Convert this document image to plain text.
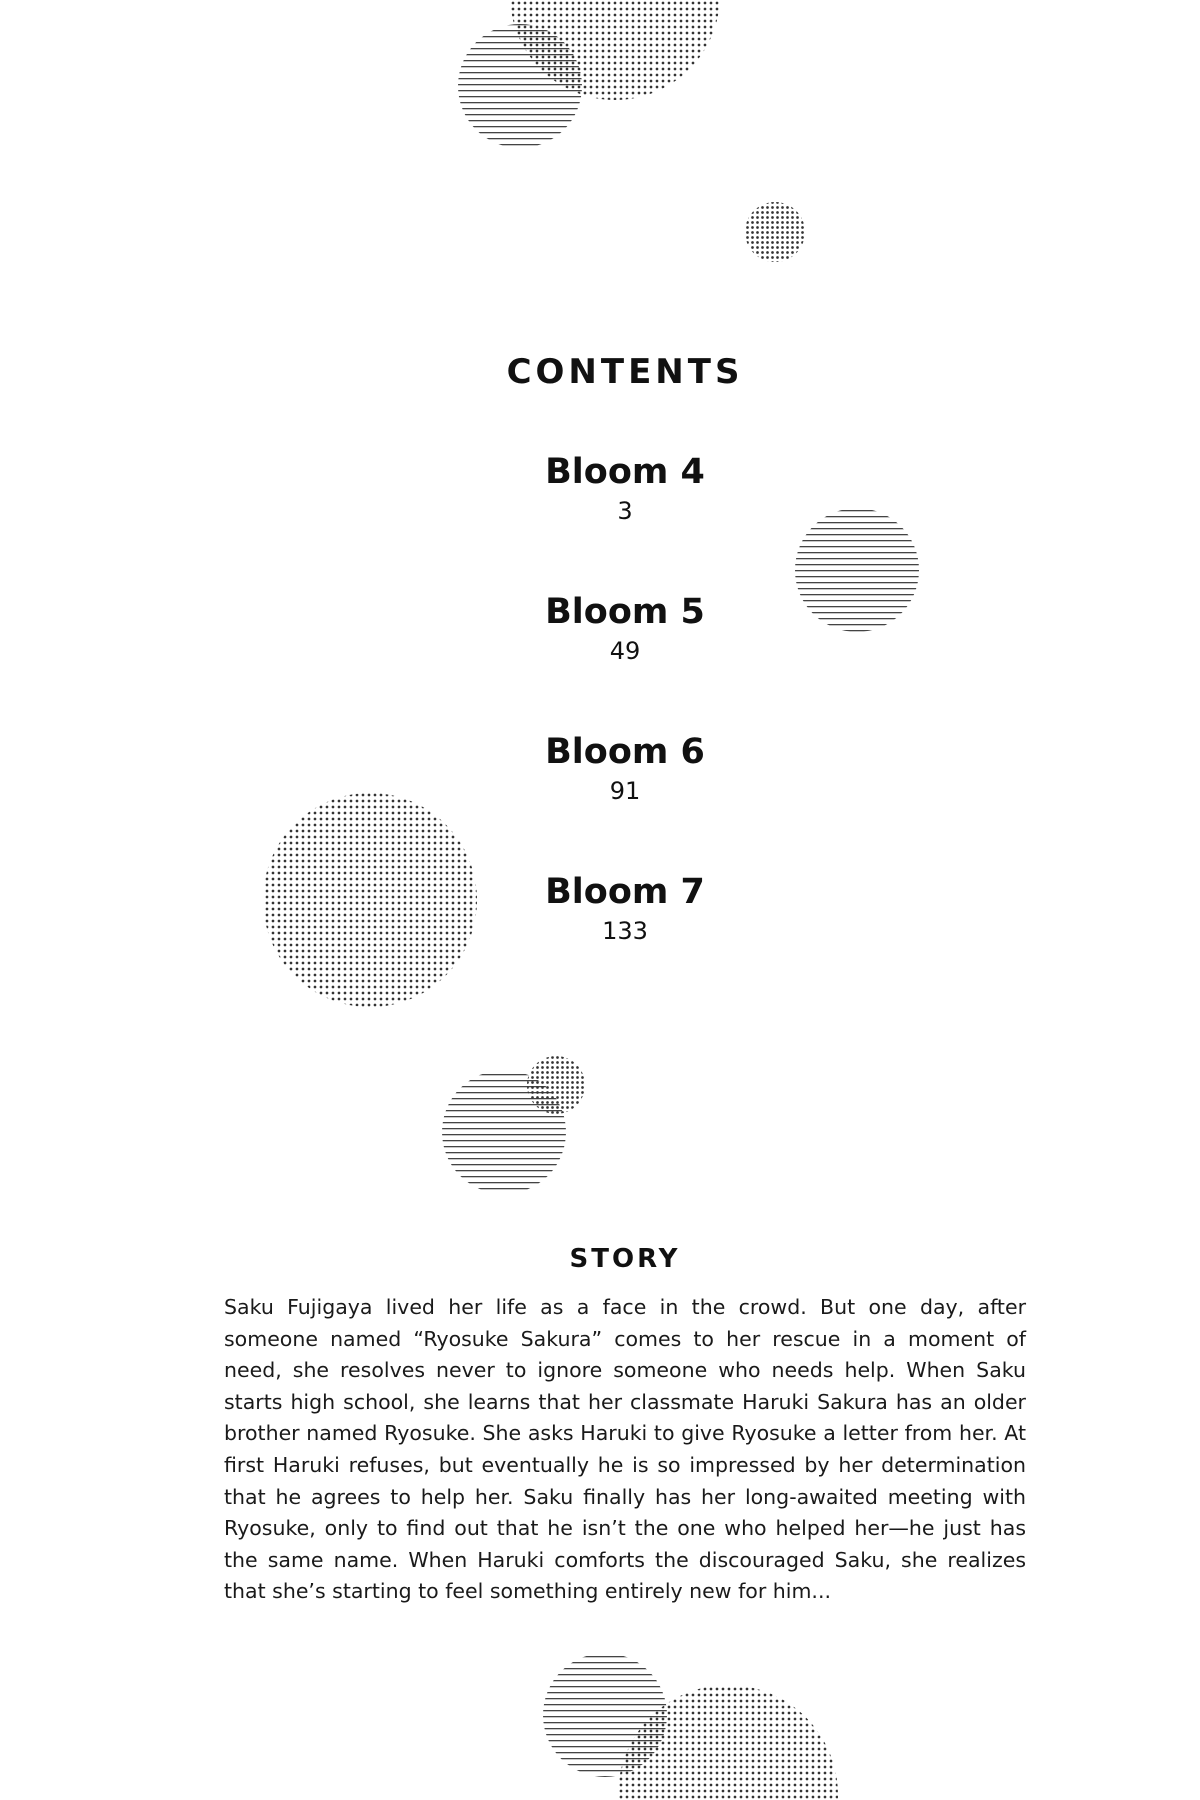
CONTENTS
Bloom 4
3
Bloom 5
49
Bloom 6
91
Bloom 7
133
STORY

Saku Fujigaya lived her life as a face in the crowd. But one day, after someone named “Ryosuke Sakura” comes to her rescue in a moment of need, she resolves never to ignore someone who needs help. When Saku starts high school, she learns that her classmate Haruki Sakura has an older brother named Ryosuke. She asks Haruki to give Ryosuke a letter from her. At first Haruki refuses, but eventually he is so impressed by her determination that he agrees to help her. Saku finally has her long-awaited meeting with Ryosuke, only to find out that he isn’t the one who helped her—he just has the same name. When Haruki comforts the discouraged Saku, she realizes that she’s starting to feel something entirely new for him...
